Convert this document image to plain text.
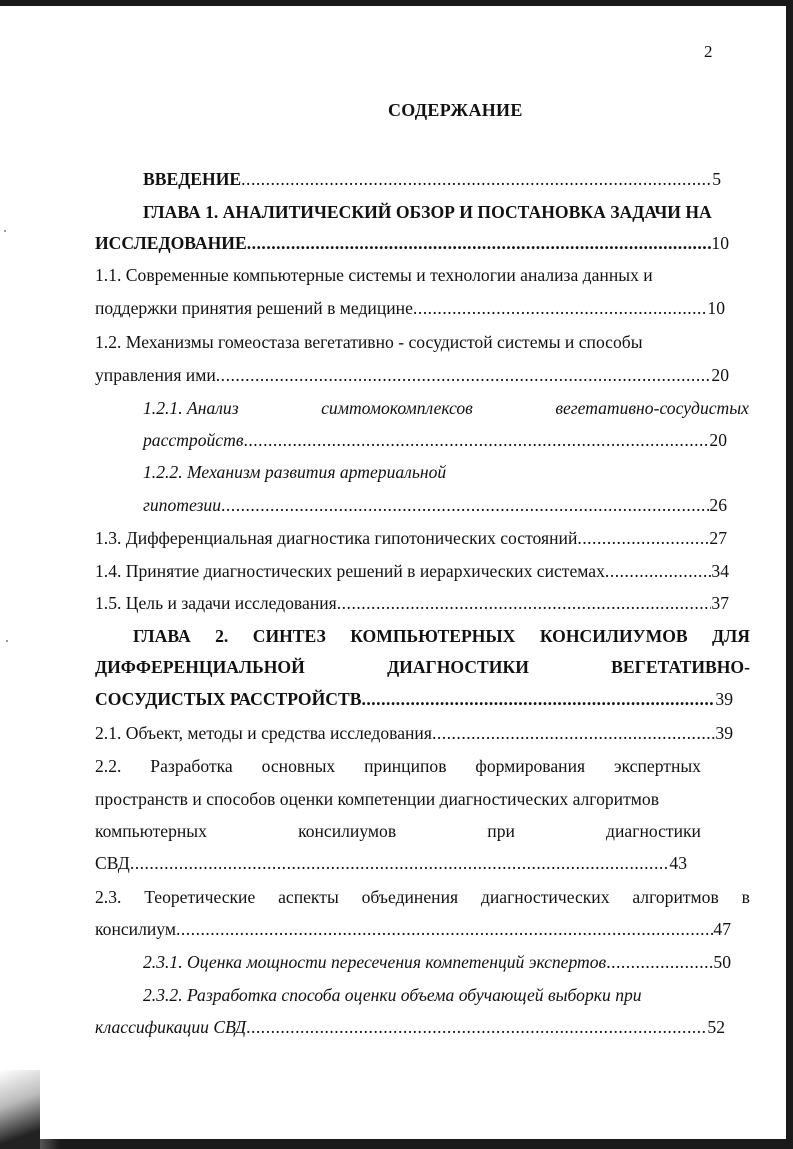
2
СОДЕРЖАНИЕ
ВВЕДЕНИЕ .....	5
ГЛАВА 1. АНАЛИТИЧЕСКИЙ ОБЗОР И ПОСТАНОВКА ЗАДАЧИ НА
ИССЛЕДОВАНИЕ .....	10
1.1. Современные компьютерные системы и технологии анализа данных и
поддержки принятия решений в медицине .....	10
1.2. Механизмы гомеостаза вегетативно - сосудистой системы и способы
управления ими .....	20
1.2.1. Анализ	симтомокомплексов	вегетативно-сосудистых
расстройств .....	20
1.2.2. Механизм развития артериальной
гипотезии .....	26
1.3. Дифференциальная диагностика гипотонических состояний .....	27
1.4. Принятие диагностических решений в иерархических системах .....	34
1.5. Цель и задачи исследования .....	37
ГЛАВА 2. СИНТЕЗ КОМПЬЮТЕРНЫХ КОНСИЛИУМОВ ДЛЯ
ДИФФЕРЕНЦИАЛЬНОЙ	ДИАГНОСТИКИ	ВЕГЕТАТИВНО-
СОСУДИСТЫХ РАССТРОЙСТВ .....	39
2.1. Объект, методы и средства исследования .....	39
2.2. Разработка основных принципов формирования экспертных
пространств и способов оценки компетенции диагностических алгоритмов
компьютерных	консилиумов	при	диагностики
СВД .....	43
2.3. Теоретические аспекты объединения диагностических алгоритмов в
консилиум .....	47
2.3.1. Оценка мощности пересечения компетенций экспертов .....	50
2.3.2. Разработка способа оценки объема обучающей выборки при
классификации СВД .....	52
